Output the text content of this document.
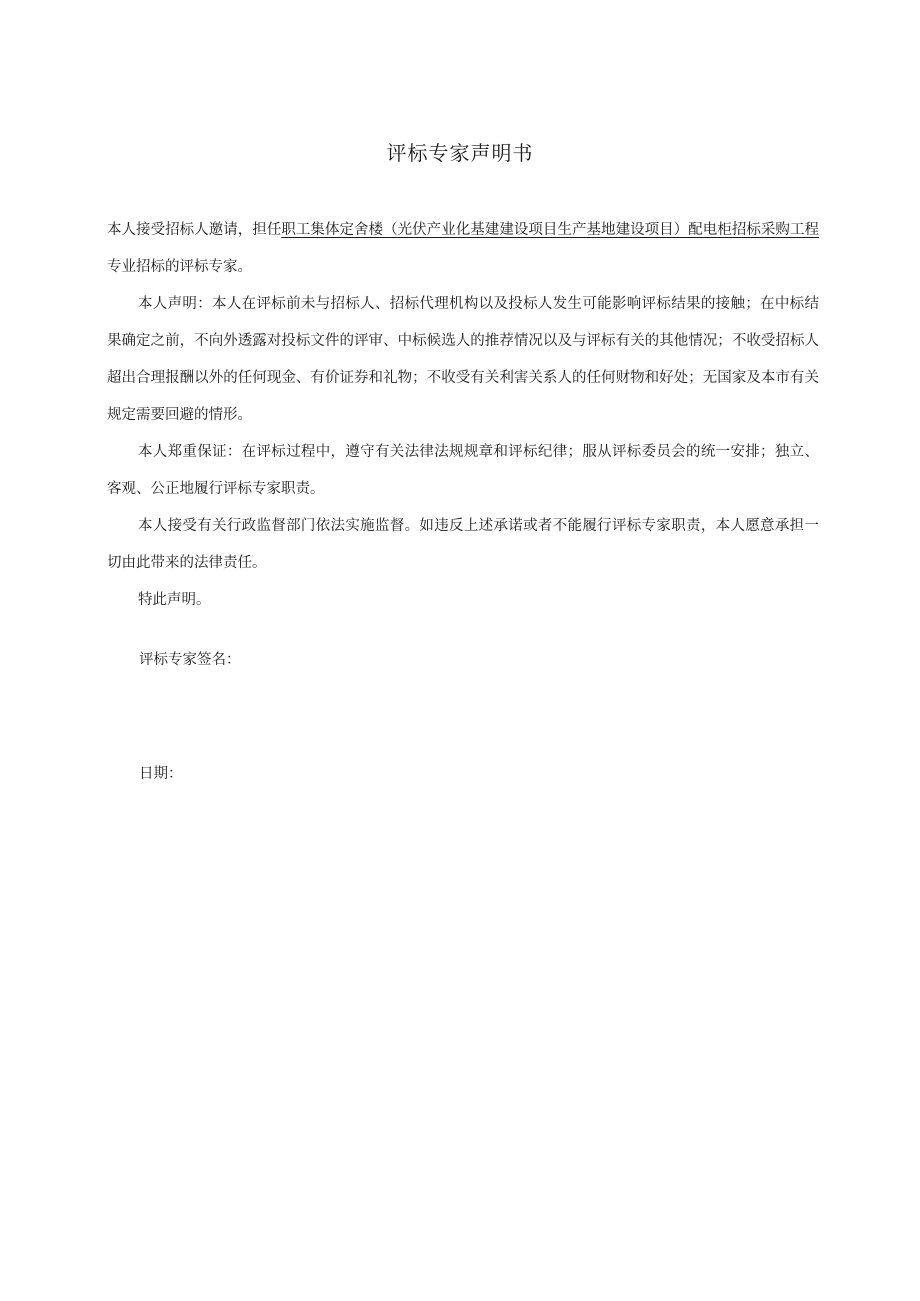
评标专家声明书

本人接受招标人邀请，担任职工集体定舍楼（光伏产业化基建建设项目生产基地建设项目）配电柜招标采购工程专业招标的评标专家。

本人声明：本人在评标前未与招标人、招标代理机构以及投标人发生可能影响评标结果的接触；在中标结果确定之前，不向外透露对投标文件的评审、中标候选人的推荐情况以及与评标有关的其他情况；不收受招标人超出合理报酬以外的任何现金、有价证券和礼物；不收受有关利害关系人的任何财物和好处；无国家及本市有关规定需要回避的情形。

本人郑重保证：在评标过程中，遵守有关法律法规规章和评标纪律；服从评标委员会的统一安排；独立、客观、公正地履行评标专家职责。

本人接受有关行政监督部门依法实施监督。如违反上述承诺或者不能履行评标专家职责，本人愿意承担一切由此带来的法律责任。

特此声明。

评标专家签名：
日期：
